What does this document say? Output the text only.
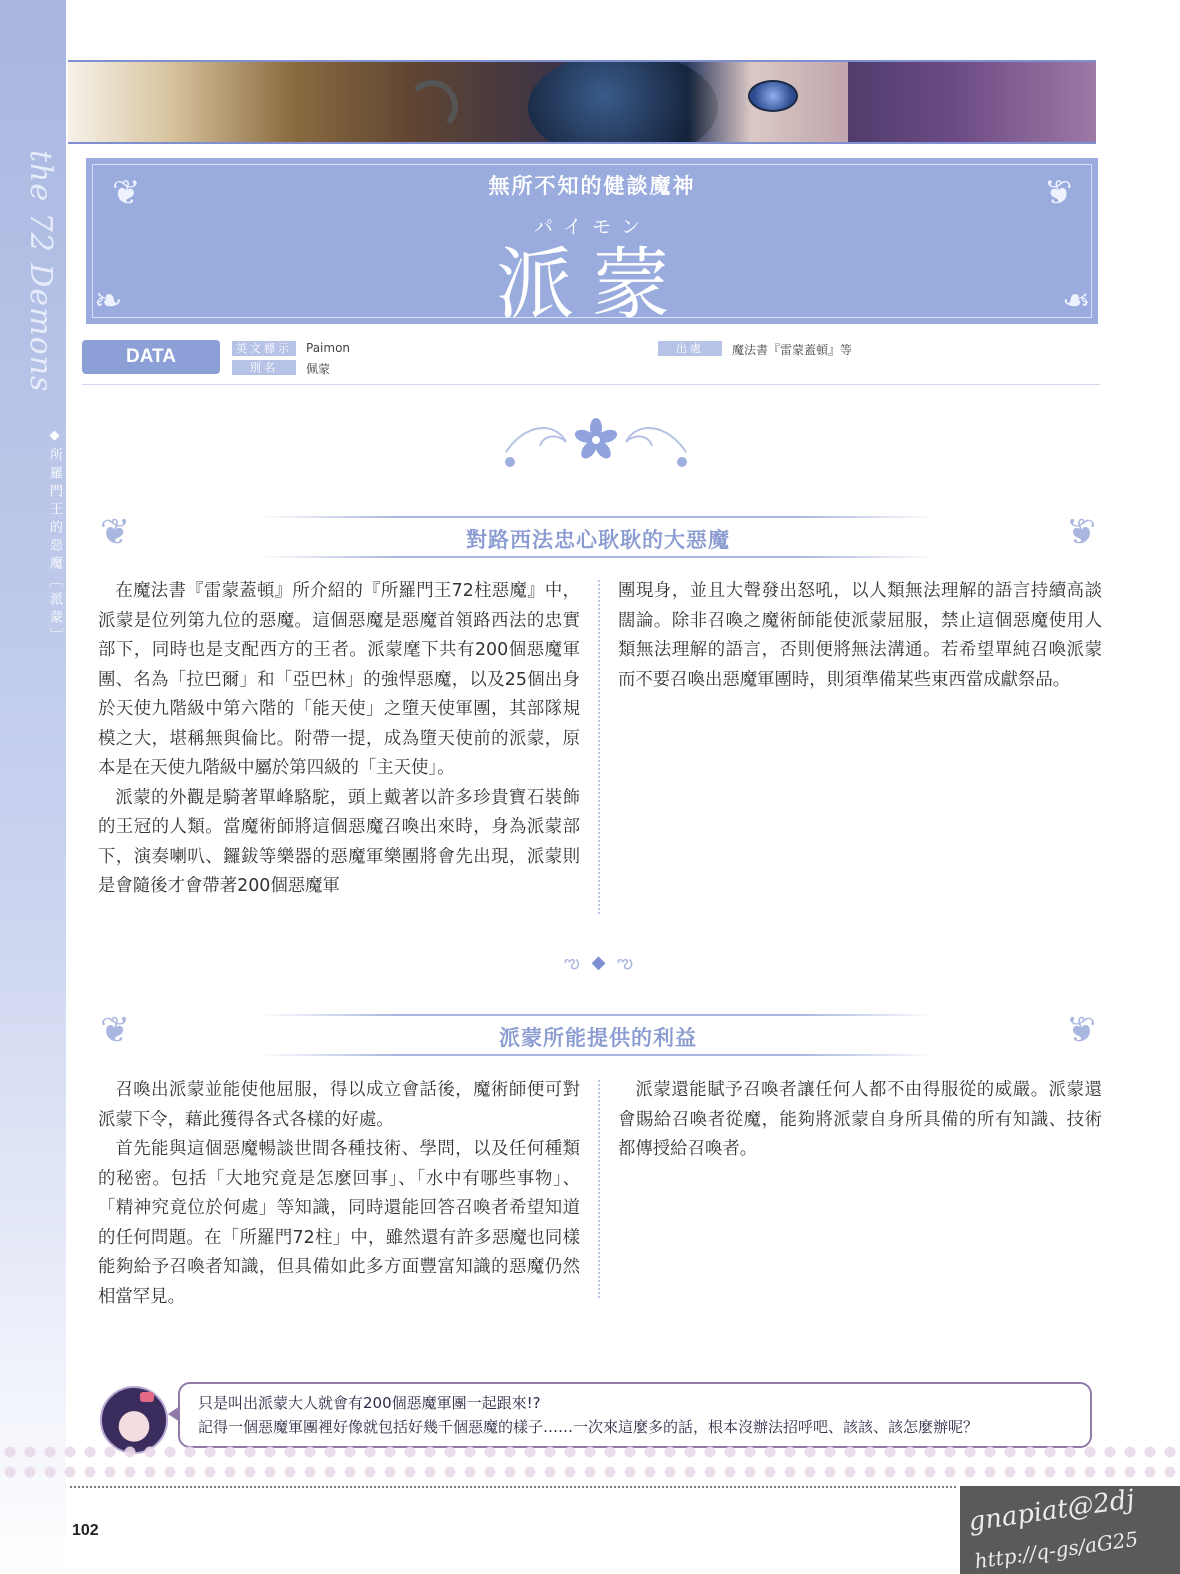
the 72 Demons
◆所羅門王的惡魔［派蒙］
❦	❦
❧	❧
無所不知的健談魔神
パイモン
派蒙
DATA	英文標示	Paimon
別名	佩蒙
出處	魔法書『雷蒙蓋頓』等
❦	對路西法忠心耿耿的大惡魔	❦

在魔法書『雷蒙蓋頓』所介紹的『所羅門王72柱惡魔』中，派蒙是位列第九位的惡魔。這個惡魔是惡魔首領路西法的忠實部下，同時也是支配西方的王者。派蒙麾下共有200個惡魔軍團、名為「拉巴爾」和「亞巴林」的強悍惡魔，以及25個出身於天使九階級中第六階的「能天使」之墮天使軍團，其部隊規模之大，堪稱無與倫比。附帶一提，成為墮天使前的派蒙，原本是在天使九階級中屬於第四級的「主天使」。

派蒙的外觀是騎著單峰駱駝，頭上戴著以許多珍貴寶石裝飾的王冠的人類。當魔術師將這個惡魔召喚出來時，身為派蒙部下，演奏喇叭、鑼鈸等樂器的惡魔軍樂團將會先出現，派蒙則是會隨後才會帶著200個惡魔軍

團現身，並且大聲發出怒吼，以人類無法理解的語言持續高談闊論。除非召喚之魔術師能使派蒙屈服，禁止這個惡魔使用人類無法理解的語言，否則便將無法溝通。若希望單純召喚派蒙而不要召喚出惡魔軍團時，則須準備某些東西當成獻祭品。

ఌ ◆ ఌ
❦	派蒙所能提供的利益	❦

召喚出派蒙並能使他屈服，得以成立會話後，魔術師便可對派蒙下令，藉此獲得各式各樣的好處。

首先能與這個惡魔暢談世間各種技術、學問，以及任何種類的秘密。包括「大地究竟是怎麼回事」、「水中有哪些事物」、「精神究竟位於何處」等知識，同時還能回答召喚者希望知道的任何問題。在「所羅門72柱」中，雖然還有許多惡魔也同樣能夠給予召喚者知識，但具備如此多方面豐富知識的惡魔仍然相當罕見。

派蒙還能賦予召喚者讓任何人都不由得服從的威嚴。派蒙還會賜給召喚者從魔，能夠將派蒙自身所具備的所有知識、技術都傳授給召喚者。

只是叫出派蒙大人就會有200個惡魔軍團一起跟來!?
記得一個惡魔軍團裡好像就包括好幾千個惡魔的樣子……一次來這麼多的話，根本沒辦法招呼吧、該該、該怎麼辦呢？
102	gnapiat@2dj
http://q-gs/aG25
